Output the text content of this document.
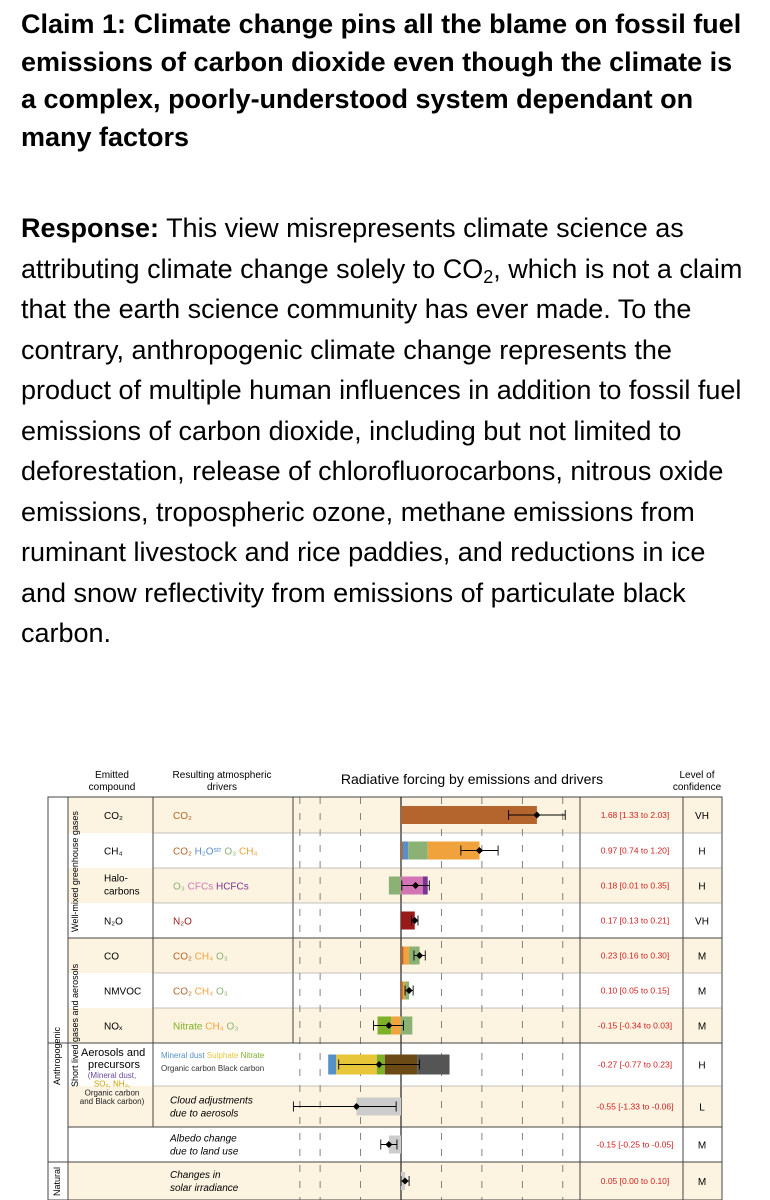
Claim 1: Climate change pins all the blame on fossil fuel emissions of carbon dioxide even though the climate is a complex, poorly-understood system dependant on many factors

Response: This view misrepresents climate science as attributing climate change solely to $CO_2$, which is not a claim that the earth science community has ever made. To the contrary, anthropogenic climate change represents the product of multiple human influences in addition to fossil fuel emissions of carbon dioxide, including but not limited to deforestation, release of chlorofluorocarbons, nitrous oxide emissions, tropospheric ozone, methane emissions from ruminant livestock and rice paddies, and reductions in ice and snow reflectivity from emissions of particulate black carbon.

Emitted compound
Resulting atmospheric drivers
Radiative forcing by emissions and drivers	Level of confidence
Anthropogenic
Natural
Well-mixed greenhouse gases
Short lived gases and aerosols
CO₂	CO₂	1.68 [1.33 to 2.03]	VH
CH₄	CO₂ H₂Oˢᵗʳ O₃ CH₄	0.97 [0.74 to 1.20]	H
Halo-
carbons	O₃ CFCs HCFCs	0.18 [0.01 to 0.35]	H
N₂O	N₂O	0.17 [0.13 to 0.21]	VH
CO	CO₂ CH₄ O₃	0.23 [0.16 to 0.30]	M
NMVOC	CO₂ CH₄ O₃	0.10 [0.05 to 0.15]	M
NOₓ	Nitrate CH₄ O₃	-0.15 [-0.34 to 0.03]	M
Aerosols and
precursors
(Mineral dust,
SO₂, NH₃,
Organic carbon
and Black carbon)
Mineral dust Sulphate Nitrate
Organic carbon Black carbon	-0.27 [-0.77 to 0.23]	H
Cloud adjustments
due to aerosols
-0.55 [-1.33 to -0.06]	L
Albedo change
due to land use
-0.15 [-0.25 to -0.05] M
Changes in
solar irradiance
0.05 [0.00 to 0.10]	M
